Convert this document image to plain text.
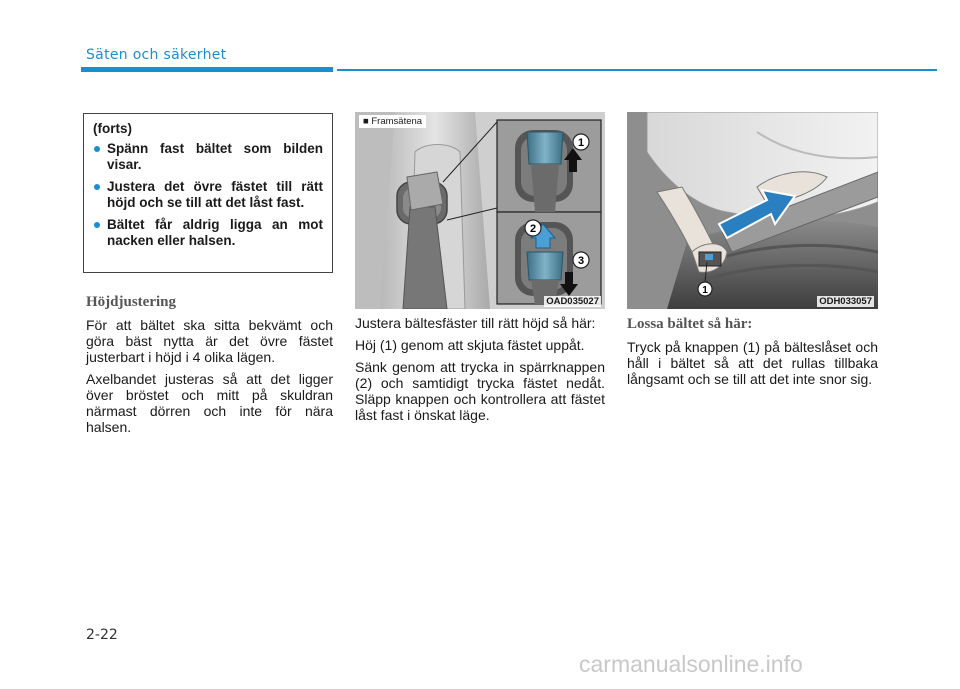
Säten och säkerhet
(forts)
Spänn fast bältet som bilden visar.
Justera det övre fästet till rätt höjd och se till att det låst fast.
Bältet får aldrig ligga an mot nacken eller halsen.
Höjdjustering

För att bältet ska sitta bekvämt och göra bäst nytta är det övre fästet justerbart i höjd i 4 olika lägen.

Axelbandet justeras så att det ligger över bröstet och mitt på skuldran närmast dörren och inte för nära halsen.

1
2
3
■ Framsätena
OAD035027

Justera bältesfäster till rätt höjd så här:

Höj (1) genom att skjuta fästet uppåt.

Sänk genom att trycka in spärrknappen (2) och samtidigt trycka fästet nedåt. Släpp knappen och kontrollera att fästet låst fast i önskat läge.

1
ODH033057
Lossa bältet så här:

Tryck på knappen (1) på bälteslåset och håll i bältet så att det rullas tillbaka långsamt och se till att det inte snor sig.

2-22
carmanualsonline.info
